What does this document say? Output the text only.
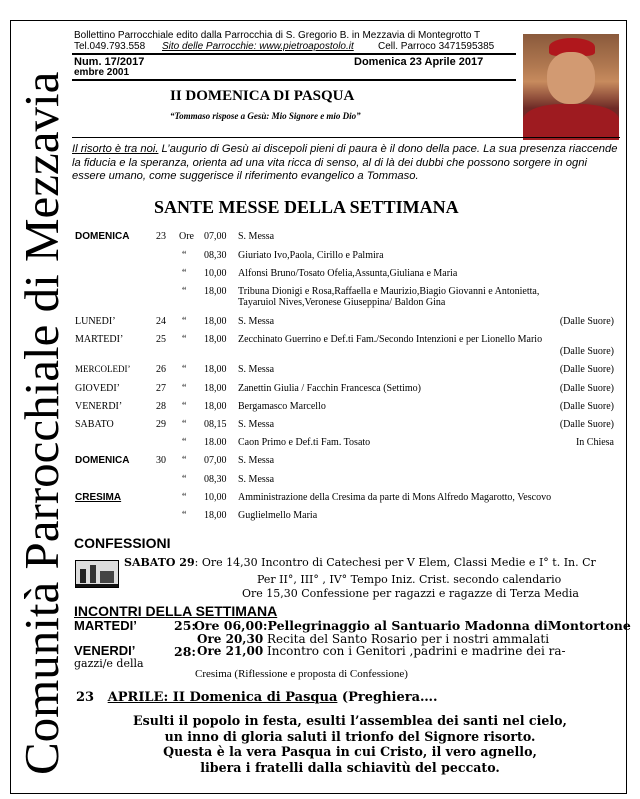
Comunità Parrocchiale di Mezzavia
Bollettino Parrocchiale edito dalla Parrocchia di S. Gregorio B. in Mezzavia di Montegrotto T
Tel.049.793.558 Sito delle Parrocchie: www.pietroapostolo.it Cell. Parroco 3471595385
Num. 17/2017
embre 2001
Domenica 23 Aprile 2017
II DOMENICA DI PASQUA
“Tommaso rispose a Gesù: Mio Signore e mio Dio”
Il risorto è tra noi. L’augurio di Gesù ai discepoli pieni di paura è il dono della pace. La sua presenza riaccende la fiducia e la speranza, orienta ad una vita ricca di senso, al di là dei dubbi che possono sorgere in ogni essere umano, come suggerisce il riferimento evangelico a Tommaso.
SANTE MESSE DELLA SETTIMANA
DOMENICA	23 Ore 07,00 S. Messa
“ 08,30 Giuriato Ivo,Paola, Cirillo e Palmira
“ 10,00 Alfonsi Bruno/Tosato Ofelia,Assunta,Giuliana e Maria
“ 18,00 Tribuna Dionigi e Rosa,Raffaella e Maurizio,Biagio Giovanni e Antonietta,
Tayaruiol Nives,Veronese Giuseppina/ Baldon Gina
LUNEDI’	24 “ 18,00 S. Messa	(Dalle Suore)
MARTEDI’	25 “ 18,00 Zecchinato Guerrino e Def.ti Fam./Secondo Intenzioni e per Lionello Mario
(Dalle Suore)
MERCOLEDI’	26 “ 18,00 S. Messa	(Dalle Suore)
GIOVEDI’	27 “ 18,00 Zanettin Giulia / Facchin Francesca (Settimo)	(Dalle Suore)
VENERDI’	28 “ 18,00 Bergamasco Marcello	(Dalle Suore)
SABATO	29 “ 08,15 S. Messa	(Dalle Suore)
“ 18.00 Caon Primo e Def.ti Fam. Tosato	In Chiesa
DOMENICA	30 “ 07,00 S. Messa
“ 08,30 S. Messa
CRESIMA	“ 10,00 Amministrazione della Cresima da parte di Mons Alfredo Magarotto, Vescovo
“ 18,00 Guglielmello Maria
CONFESSIONI
SABATO 29: Ore 14,30 Incontro di Catechesi per V Elem, Classi Medie e I° t. In. Cr
Per II°, III° , IV° Tempo Iniz. Crist. secondo calendario
Ore 15,30 Confessione per ragazzi e ragazze di Terza Media
INCONTRI DELLA SETTIMANA
MARTEDI’	25:
Ore 06,00:Pellegrinaggio al Santuario Madonna diMontortone
Ore 20,30 Recita del Santo Rosario per i nostri ammalati
VENERDI’	28: Ore 21,00 Incontro con i Genitori ,padrini e madrine dei ra-
gazzi/e della
Cresima (Riflessione e proposta di Confessione)
23 APRILE: II Domenica di Pasqua (Preghiera….
Esulti il popolo in festa, esulti l’assemblea dei santi nel cielo,
un inno di gloria saluti il trionfo del Signore risorto.
Questa è la vera Pasqua in cui Cristo, il vero agnello,
libera i fratelli dalla schiavitù del peccato.
